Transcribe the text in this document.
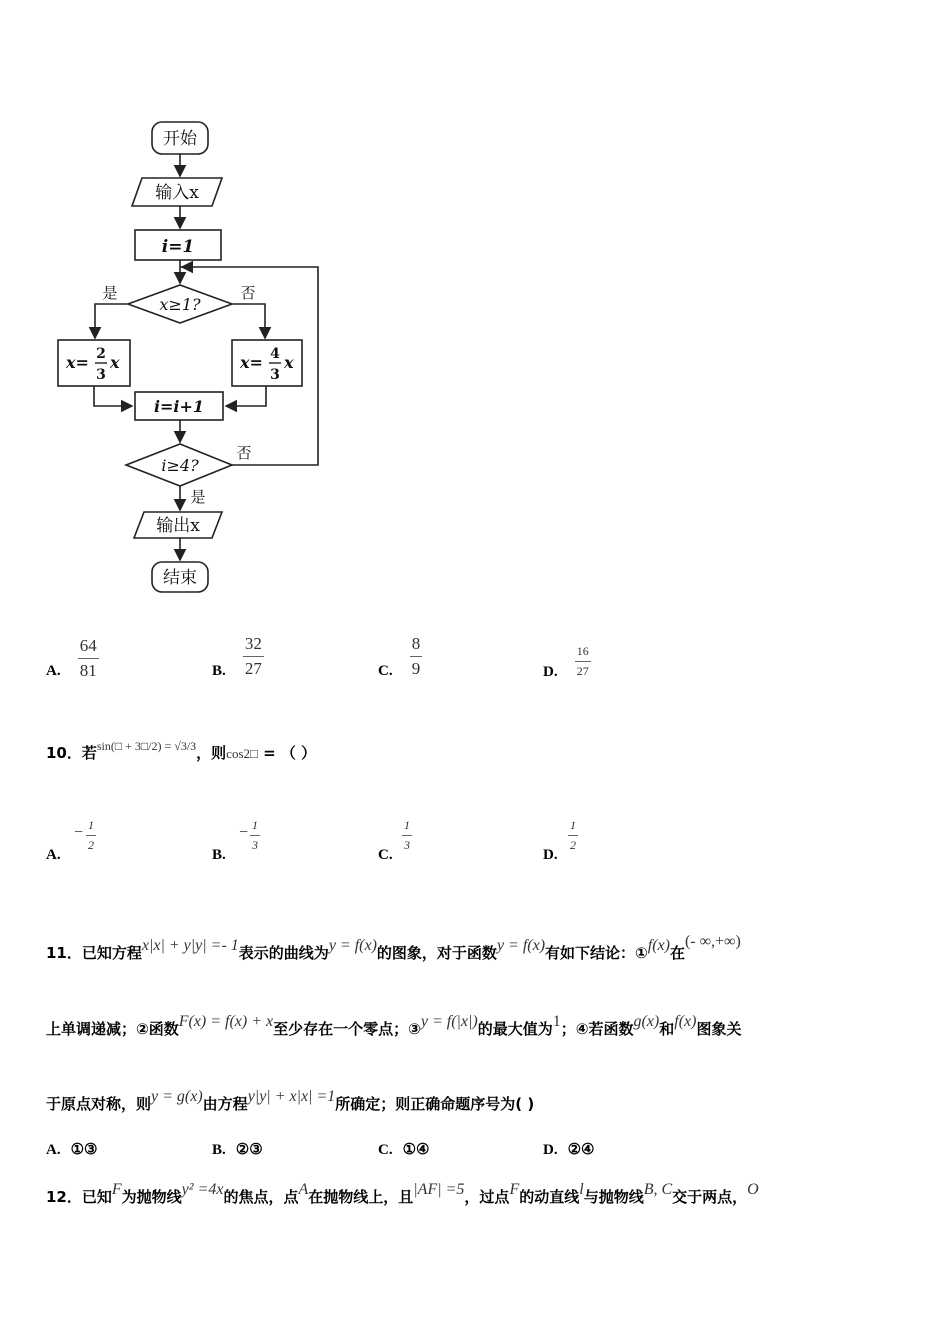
开始
输入x
i=1
x≥1?
是	否
x= 2
3
x	x= 4
3
x
i=i+1
i≥4?
否
是
输出x
结束
A. $\frac{64}{81}$	B. $\frac{32}{27}$	C. $\frac{8}{9}$	D. $\frac{16}{27}$
10．若$^{sin(□ + 3□/2) = √3/3}$，则cos2□ = （ ）
A.
− $\frac{1}{2}$
B.
− $\frac{1}{3}$
C.
$\frac{1}{3}$
D.
$\frac{1}{2}$
11．已知方程x|x| + y|y| =- 1表示的曲线为y = f(x)的图象，对于函数y = f(x)有如下结论：①f(x)在(- ∞,+∞)
上单调递减；②函数F(x) = f(x) + x至少存在一个零点；③y = f(|x|)的最大值为1；④若函数g(x)和f(x)图象关
于原点对称，则y = g(x)由方程y|y| + x|x| =1所确定；则正确命题序号为( )
A. ①③	B. ②③	C. ①④	D. ②④
12．已知F为抛物线y² =4x的焦点，点A在抛物线上，且|AF| =5，过点F的动直线l与抛物线B, C交于两点，O
